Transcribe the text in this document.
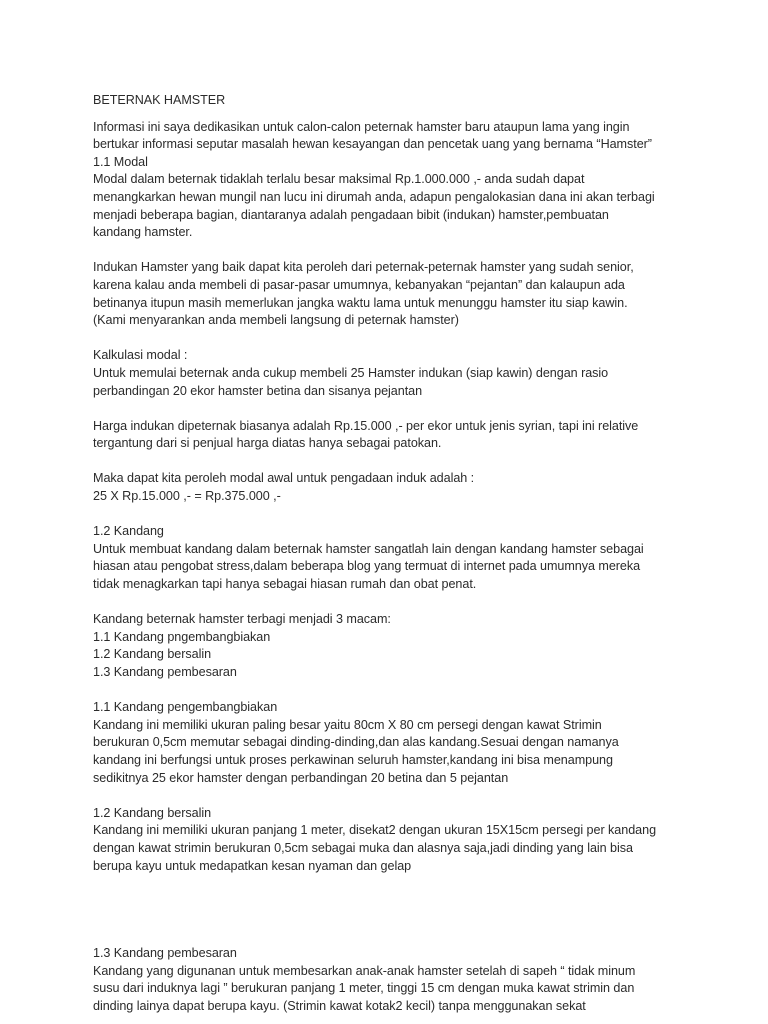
BETERNAK HAMSTER
Informasi ini saya dedikasikan untuk calon-calon peternak hamster baru ataupun lama yang ingin
bertukar informasi seputar masalah hewan kesayangan dan pencetak uang yang bernama “Hamster”
1.1 Modal
Modal dalam beternak tidaklah terlalu besar maksimal Rp.1.000.000 ,- anda sudah dapat
menangkarkan hewan mungil nan lucu ini dirumah anda, adapun pengalokasian dana ini akan terbagi
menjadi beberapa bagian, diantaranya adalah pengadaan bibit (indukan) hamster,pembuatan
kandang hamster.
Indukan Hamster yang baik dapat kita peroleh dari peternak-peternak hamster yang sudah senior,
karena kalau anda membeli di pasar-pasar umumnya, kebanyakan “pejantan” dan kalaupun ada
betinanya itupun masih memerlukan jangka waktu lama untuk menunggu hamster itu siap kawin.
(Kami menyarankan anda membeli langsung di peternak hamster)
Kalkulasi modal :
Untuk memulai beternak anda cukup membeli 25 Hamster indukan (siap kawin) dengan rasio
perbandingan 20 ekor hamster betina dan sisanya pejantan
Harga indukan dipeternak biasanya adalah Rp.15.000 ,- per ekor untuk jenis syrian, tapi ini relative
tergantung dari si penjual harga diatas hanya sebagai patokan.
Maka dapat kita peroleh modal awal untuk pengadaan induk adalah :
25 X Rp.15.000 ,- = Rp.375.000 ,-
1.2 Kandang
Untuk membuat kandang dalam beternak hamster sangatlah lain dengan kandang hamster sebagai
hiasan atau pengobat stress,dalam beberapa blog yang termuat di internet pada umumnya mereka
tidak menagkarkan tapi hanya sebagai hiasan rumah dan obat penat.
Kandang beternak hamster terbagi menjadi 3 macam:
1.1 Kandang pngembangbiakan
1.2 Kandang bersalin
1.3 Kandang pembesaran
1.1 Kandang pengembangbiakan
Kandang ini memiliki ukuran paling besar yaitu 80cm X 80 cm persegi dengan kawat Strimin
berukuran 0,5cm memutar sebagai dinding-dinding,dan alas kandang.Sesuai dengan namanya
kandang ini berfungsi untuk proses perkawinan seluruh hamster,kandang ini bisa menampung
sedikitnya 25 ekor hamster dengan perbandingan 20 betina dan 5 pejantan
1.2 Kandang bersalin
Kandang ini memiliki ukuran panjang 1 meter, disekat2 dengan ukuran 15X15cm persegi per kandang
dengan kawat strimin berukuran 0,5cm sebagai muka dan alasnya saja,jadi dinding yang lain bisa
berupa kayu untuk medapatkan kesan nyaman dan gelap
1.3 Kandang pembesaran
Kandang yang digunanan untuk membesarkan anak-anak hamster setelah di sapeh “ tidak minum
susu dari induknya lagi ” berukuran panjang 1 meter, tinggi 15 cm dengan muka kawat strimin dan
dinding lainya dapat berupa kayu. (Strimin kawat kotak2 kecil) tanpa menggunakan sekat
